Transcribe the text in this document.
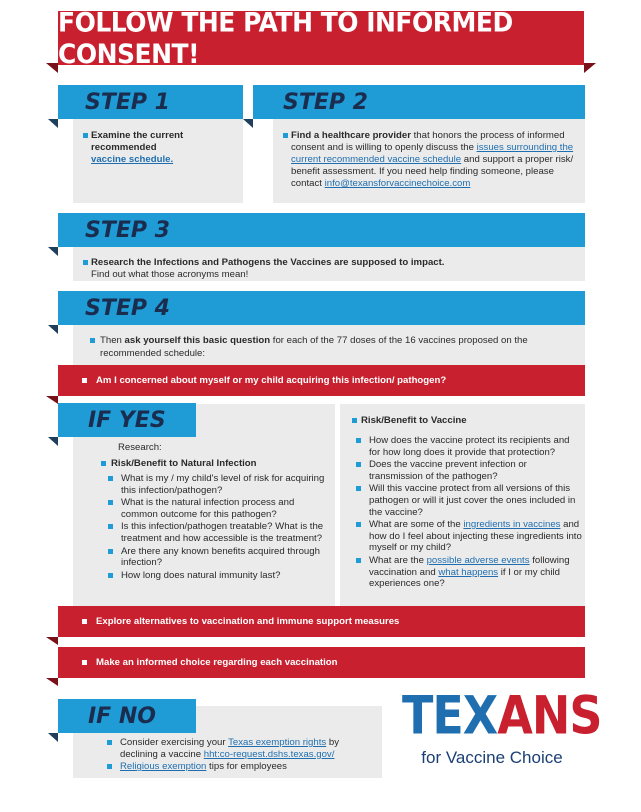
FOLLOW THE PATH TO INFORMED CONSENT!
STEP 1
Examine the current recommended
vaccine schedule.
STEP 2
Find a healthcare provider that honors the process of informed consent and is willing to openly discuss the issues surrounding the current recommended vaccine schedule and support a proper risk/ benefit assessment. If you need help finding someone, please contact info@texansforvaccinechoice.com
STEP 3
Research the Infections and Pathogens the Vaccines are supposed to impact.
Find out what those acronyms mean!
STEP 4
Then ask yourself this basic question for each of the 77 doses of the 16 vaccines proposed on the recommended schedule:
Am I concerned about myself or my child acquiring this infection/ pathogen?
IF YES
Research:
Risk/Benefit to Natural Infection
What is my / my child's level of risk for acquiring this infection/pathogen?
What is the natural infection process and common outcome for this pathogen?
Is this infection/pathogen treatable? What is the treatment and how accessible is the treatment?
Are there any known benefits acquired through infection?
How long does natural immunity last?
Risk/Benefit to Vaccine
How does the vaccine protect its recipients and for how long does it provide that protection?
Does the vaccine prevent infection or transmission of the pathogen?
Will this vaccine protect from all versions of this pathogen or will it just cover the ones included in the vaccine?
What are some of the ingredients in vaccines and how do I feel about injecting these ingredients into myself or my child?
What are the possible adverse events following vaccination and what happens if I or my child experiences one?
Explore alternatives to vaccination and immune support measures
Make an informed choice regarding each vaccination
IF NO
Consider exercising your Texas exemption rights by declining a vaccine hht:co-request.dshs.texas.gov/
Religious exemption tips for employees
TEXANS
for Vaccine Choice
